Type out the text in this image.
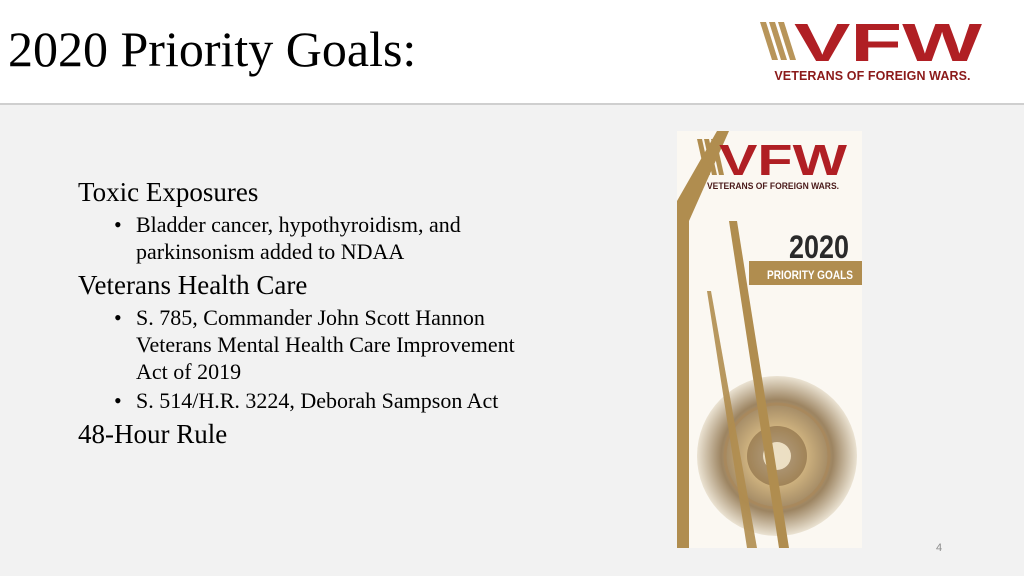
2020 Priority Goals:	VFW
VETERANS OF FOREIGN WARS.

Toxic Exposures

• Bladder cancer, hypothyroidism, and parkinsonism added to NDAA

Veterans Health Care

• S. 785, Commander John Scott Hannon Veterans Mental Health Care Improvement Act of 2019

• S. 514/H.R. 3224, Deborah Sampson Act

48-Hour Rule

VFW
VETERANS OF FOREIGN WARS.
2020
PRIORITY GOALS
4
